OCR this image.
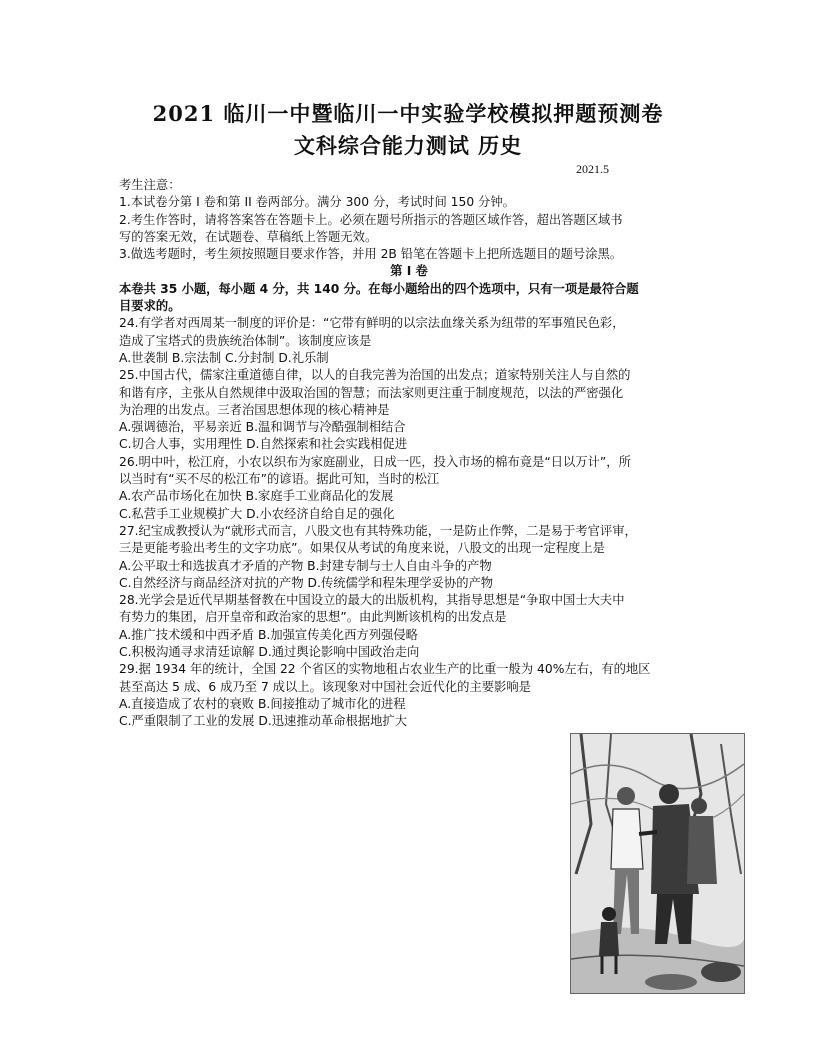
2021 临川一中暨临川一中实验学校模拟押题预测卷
文科综合能力测试 历史
2021.5
考生注意：
1.本试卷分第 I 卷和第 II 卷两部分。满分 300 分，考试时间 150 分钟。
2.考生作答时，请将答案答在答题卡上。必须在题号所指示的答题区域作答，超出答题区域书
写的答案无效，在试题卷、草稿纸上答题无效。
3.做选考题时，考生须按照题目要求作答，并用 2B 铅笔在答题卡上把所选题目的题号涂黑。
第 I 卷
本卷共 35 小题，每小题 4 分，共 140 分。在每小题给出的四个选项中，只有一项是最符合题
目要求的。
24.有学者对西周某一制度的评价是：“它带有鲜明的以宗法血缘关系为纽带的军事殖民色彩，
造成了宝塔式的贵族统治体制”。该制度应该是
A.世袭制 B.宗法制 C.分封制 D.礼乐制
25.中国古代，儒家注重道德自律，以人的自我完善为治国的出发点；道家特别关注人与自然的
和谐有序，主张从自然规律中汲取治国的智慧；而法家则更注重于制度规范，以法的严密强化
为治理的出发点。三者治国思想体现的核心精神是
A.强调德治，平易亲近 B.温和调节与冷酷强制相结合
C.切合人事，实用理性 D.自然探索和社会实践相促进
26.明中叶，松江府，小农以织布为家庭副业，日成一匹，投入市场的棉布竟是“日以万计”，所
以当时有“买不尽的松江布”的谚语。据此可知，当时的松江
A.农产品市场化在加快 B.家庭手工业商品化的发展
C.私营手工业规模扩大 D.小农经济自给自足的强化
27.纪宝成教授认为“就形式而言，八股文也有其特殊功能，一是防止作弊，二是易于考官评审，
三是更能考验出考生的文字功底”。如果仅从考试的角度来说，八股文的出现一定程度上是
A.公平取士和选拔真才矛盾的产物 B.封建专制与士人自由斗争的产物
C.自然经济与商品经济对抗的产物 D.传统儒学和程朱理学妥协的产物
28.光学会是近代早期基督教在中国设立的最大的出版机构，其指导思想是“争取中国士大夫中
有势力的集团，启开皇帝和政治家的思想”。由此判断该机构的出发点是
A.推广技术缓和中西矛盾 B.加强宣传美化西方列强侵略
C.积极沟通寻求清廷谅解 D.通过舆论影响中国政治走向
29.据 1934 年的统计，全国 22 个省区的实物地租占农业生产的比重一般为 40%左右，有的地区
甚至高达 5 成、6 成乃至 7 成以上。该现象对中国社会近代化的主要影响是
A.直接造成了农村的衰败 B.间接推动了城市化的进程
C.严重限制了工业的发展 D.迅速推动革命根据地扩大
